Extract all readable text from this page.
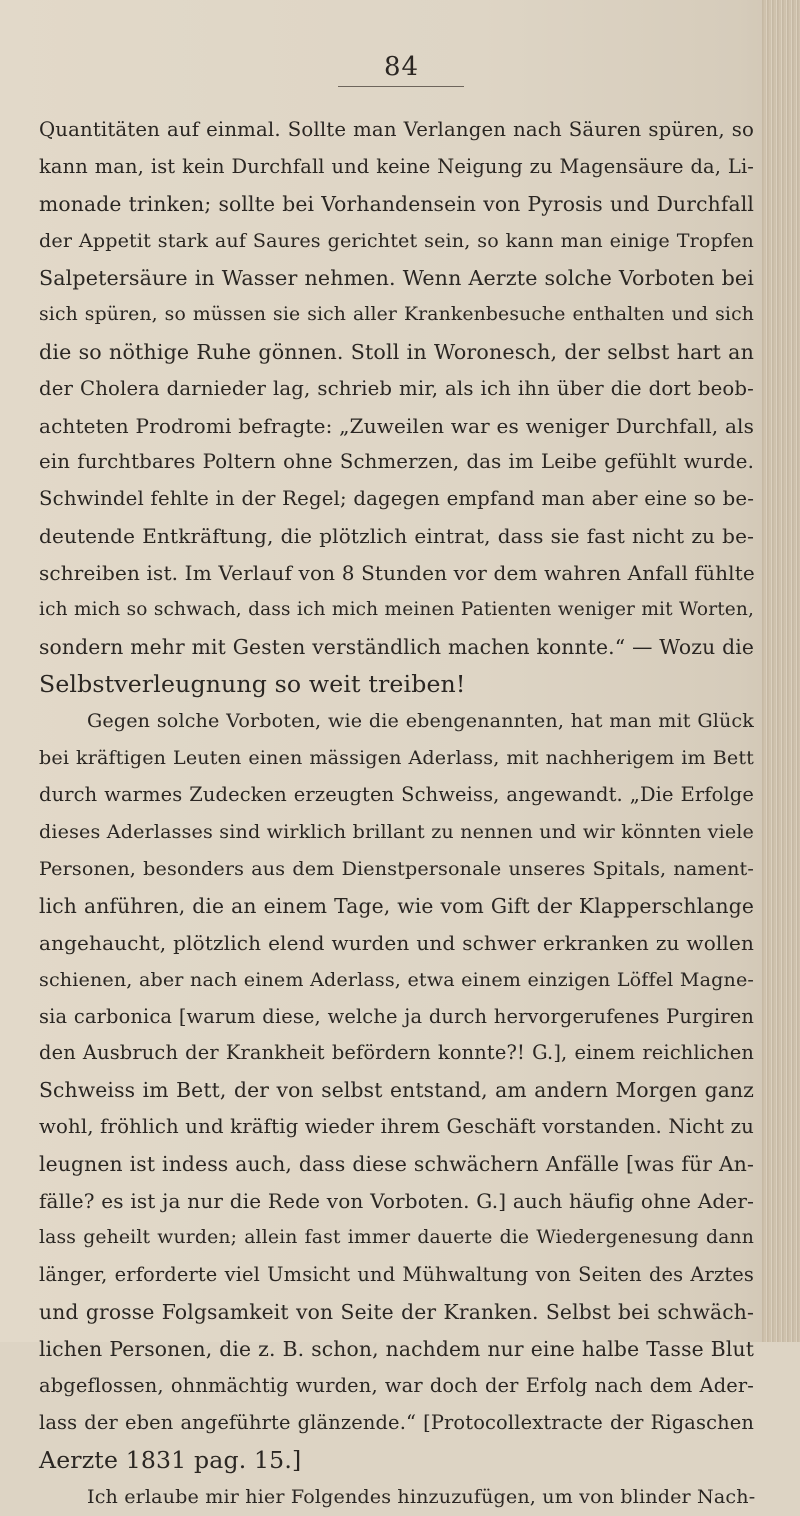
84
Quantitäten auf einmal. Sollte man Verlangen nach Säuren spüren, so
kann man, ist kein Durchfall und keine Neigung zu Magensäure da, Li-
monade trinken; sollte bei Vorhandensein von Pyrosis und Durchfall
der Appetit stark auf Saures gerichtet sein, so kann man einige Tropfen
Salpetersäure in Wasser nehmen. Wenn Aerzte solche Vorboten bei
sich spüren, so müssen sie sich aller Krankenbesuche enthalten und sich
die so nöthige Ruhe gönnen. Stoll in Woronesch, der selbst hart an
der Cholera darnieder lag, schrieb mir, als ich ihn über die dort beob-
achteten Prodromi befragte: „Zuweilen war es weniger Durchfall, als
ein furchtbares Poltern ohne Schmerzen, das im Leibe gefühlt wurde.
Schwindel fehlte in der Regel; dagegen empfand man aber eine so be-
deutende Entkräftung, die plötzlich eintrat, dass sie fast nicht zu be-
schreiben ist. Im Verlauf von 8 Stunden vor dem wahren Anfall fühlte
ich mich so schwach, dass ich mich meinen Patienten weniger mit Worten,
sondern mehr mit Gesten verständlich machen konnte.“ — Wozu die
Selbstverleugnung so weit treiben!
Gegen solche Vorboten, wie die ebengenannten, hat man mit Glück
bei kräftigen Leuten einen mässigen Aderlass, mit nachherigem im Bett
durch warmes Zudecken erzeugten Schweiss, angewandt. „Die Erfolge
dieses Aderlasses sind wirklich brillant zu nennen und wir könnten viele
Personen, besonders aus dem Dienstpersonale unseres Spitals, nament-
lich anführen, die an einem Tage, wie vom Gift der Klapperschlange
angehaucht, plötzlich elend wurden und schwer erkranken zu wollen
schienen, aber nach einem Aderlass, etwa einem einzigen Löffel Magne-
sia carbonica [warum diese, welche ja durch hervorgerufenes Purgiren
den Ausbruch der Krankheit befördern konnte?! G.], einem reichlichen
Schweiss im Bett, der von selbst entstand, am andern Morgen ganz
wohl, fröhlich und kräftig wieder ihrem Geschäft vorstanden. Nicht zu
leugnen ist indess auch, dass diese schwächern Anfälle [was für An-
fälle? es ist ja nur die Rede von Vorboten. G.] auch häufig ohne Ader-
lass geheilt wurden; allein fast immer dauerte die Wiedergenesung dann
länger, erforderte viel Umsicht und Mühwaltung von Seiten des Arztes
und grosse Folgsamkeit von Seite der Kranken. Selbst bei schwäch-
lichen Personen, die z. B. schon, nachdem nur eine halbe Tasse Blut
abgeflossen, ohnmächtig wurden, war doch der Erfolg nach dem Ader-
lass der eben angeführte glänzende.“ [Protocollextracte der Rigaschen
Aerzte 1831 pag. 15.]
Ich erlaube mir hier Folgendes hinzuzufügen, um von blinder Nach-
